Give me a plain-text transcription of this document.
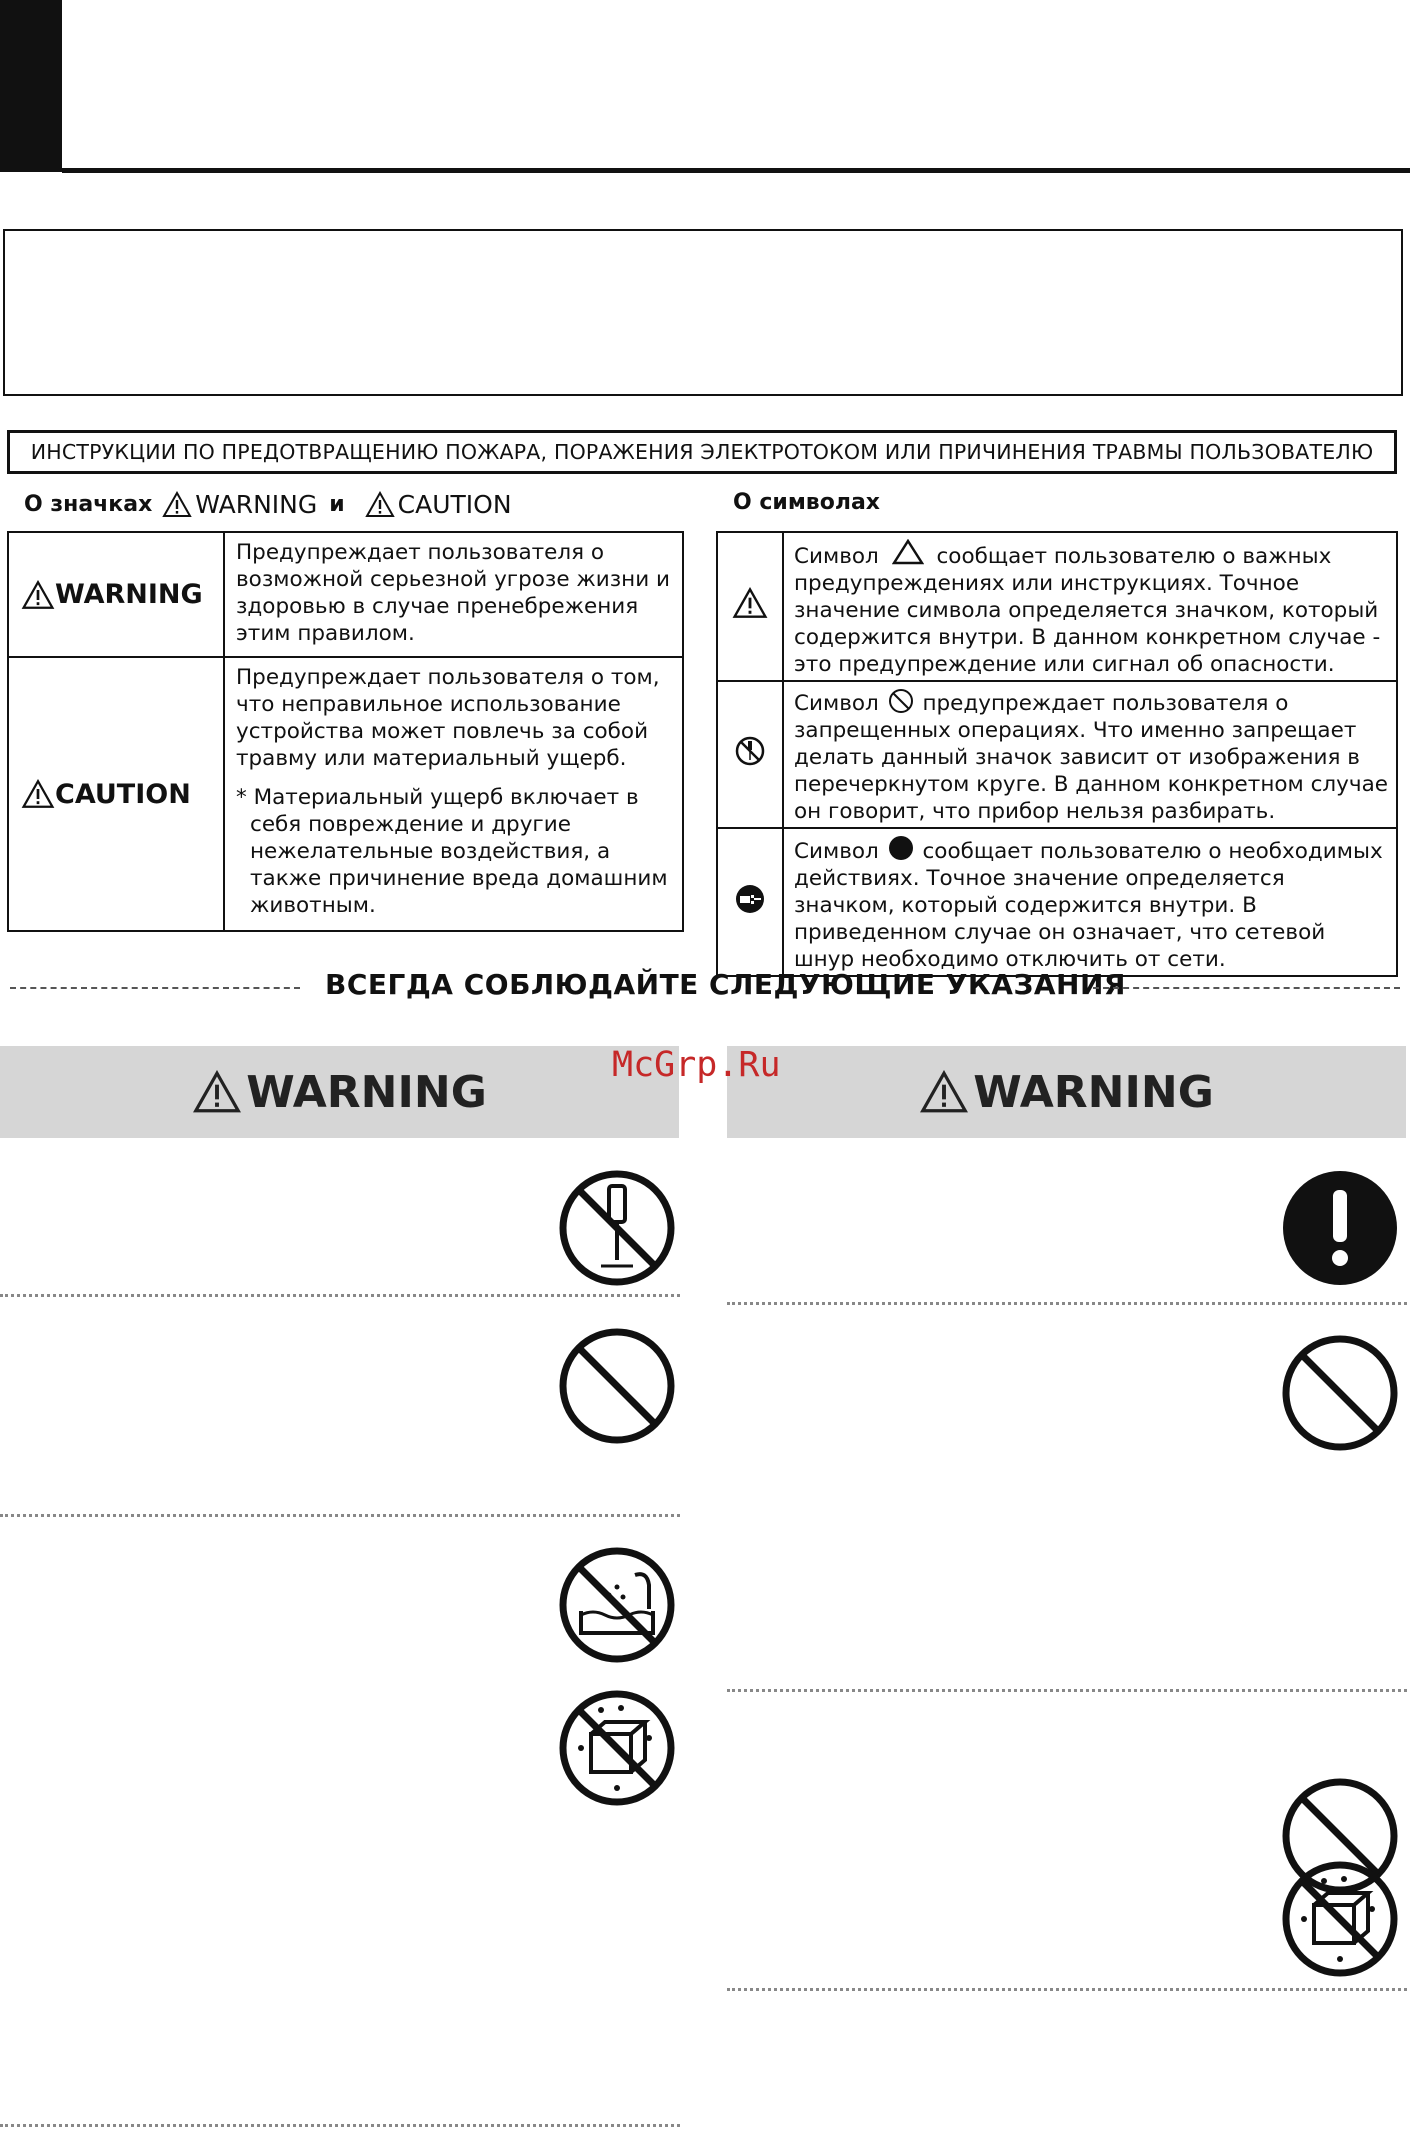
ИНСТРУКЦИИ ПО ПРЕДОТВРАЩЕНИЮ ПОЖАРА, ПОРАЖЕНИЯ ЭЛЕКТРОТОКОМ ИЛИ ПРИЧИНЕНИЯ ТРАВМЫ ПОЛЬЗОВАТЕЛЮ
О значках WARNING и CAUTION	О символах
WARNING	Предупреждает пользователя о возможной серьезной угрозе жизни и здоровью в случае пренебрежения этим правилом.

CAUTION	Предупреждает пользователя о том, что неправильное использование устройства может повлечь за собой травму или материальный ущерб.
* Материальный ущерб включает в себя повреждение и другие нежелательные воздействия, а также причинение вреда домашним животным.
	Символ сообщает пользователю о важных предупреждениях или инструкциях. Точное значение символа определяется значком, который содержится внутри. В данном конкретном случае - это предупреждение или сигнал об опасности.
	Символ предупреждает пользователя о запрещенных операциях. Что именно запрещает делать данный значок зависит от изображения в перечеркнутом круге. В данном конкретном случае он говорит, что прибор нельзя разбирать.
	Символ сообщает пользователю о необходимых действиях. Точное значение определяется значком, который содержится внутри. В приведенном случае он означает, что сетевой шнур необходимо отключить от сети.
ВСЕГДА СОБЛЮДАЙТЕ СЛЕДУЮЩИЕ УКАЗАНИЯ
WARNING	WARNING
McGrp.Ru
